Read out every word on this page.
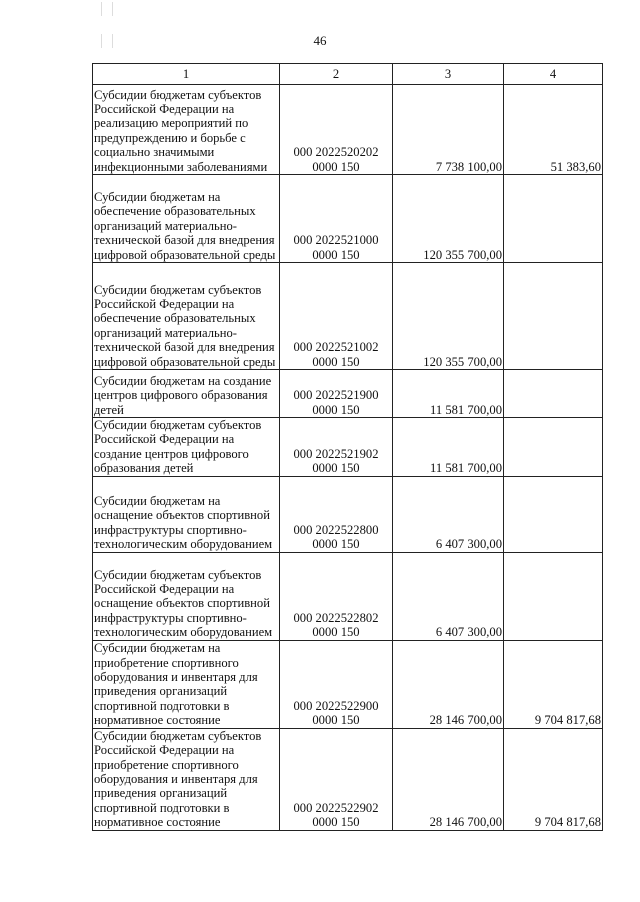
46
1	2	3	4
Субсидии бюджетам субъектов Российской Федерации на реализацию мероприятий по предупреждению и борьбе с социально значимыми инфекционными заболеваниями	000 2022520202 0000 150	7 738 100,00	51 383,60
Субсидии бюджетам на обеспечение образовательных организаций материально-технической базой для внедрения цифровой образовательной среды	000 2022521000 0000 150	120 355 700,00	
Субсидии бюджетам субъектов Российской Федерации на обеспечение образовательных организаций материально-технической базой для внедрения цифровой образовательной среды	000 2022521002 0000 150	120 355 700,00	
Субсидии бюджетам на создание центров цифрового образования детей	000 2022521900 0000 150	11 581 700,00	
Субсидии бюджетам субъектов Российской Федерации на создание центров цифрового образования детей	000 2022521902 0000 150	11 581 700,00	
Субсидии бюджетам на оснащение объектов спортивной инфраструктуры спортивно-технологическим оборудованием	000 2022522800 0000 150	6 407 300,00	
Субсидии бюджетам субъектов Российской Федерации на оснащение объектов спортивной инфраструктуры спортивно-технологическим оборудованием	000 2022522802 0000 150	6 407 300,00	
Субсидии бюджетам на приобретение спортивного оборудования и инвентаря для приведения организаций спортивной подготовки в нормативное состояние	000 2022522900 0000 150	28 146 700,00	9 704 817,68
Субсидии бюджетам субъектов Российской Федерации на приобретение спортивного оборудования и инвентаря для приведения организаций спортивной подготовки в нормативное состояние	000 2022522902 0000 150	28 146 700,00	9 704 817,68
